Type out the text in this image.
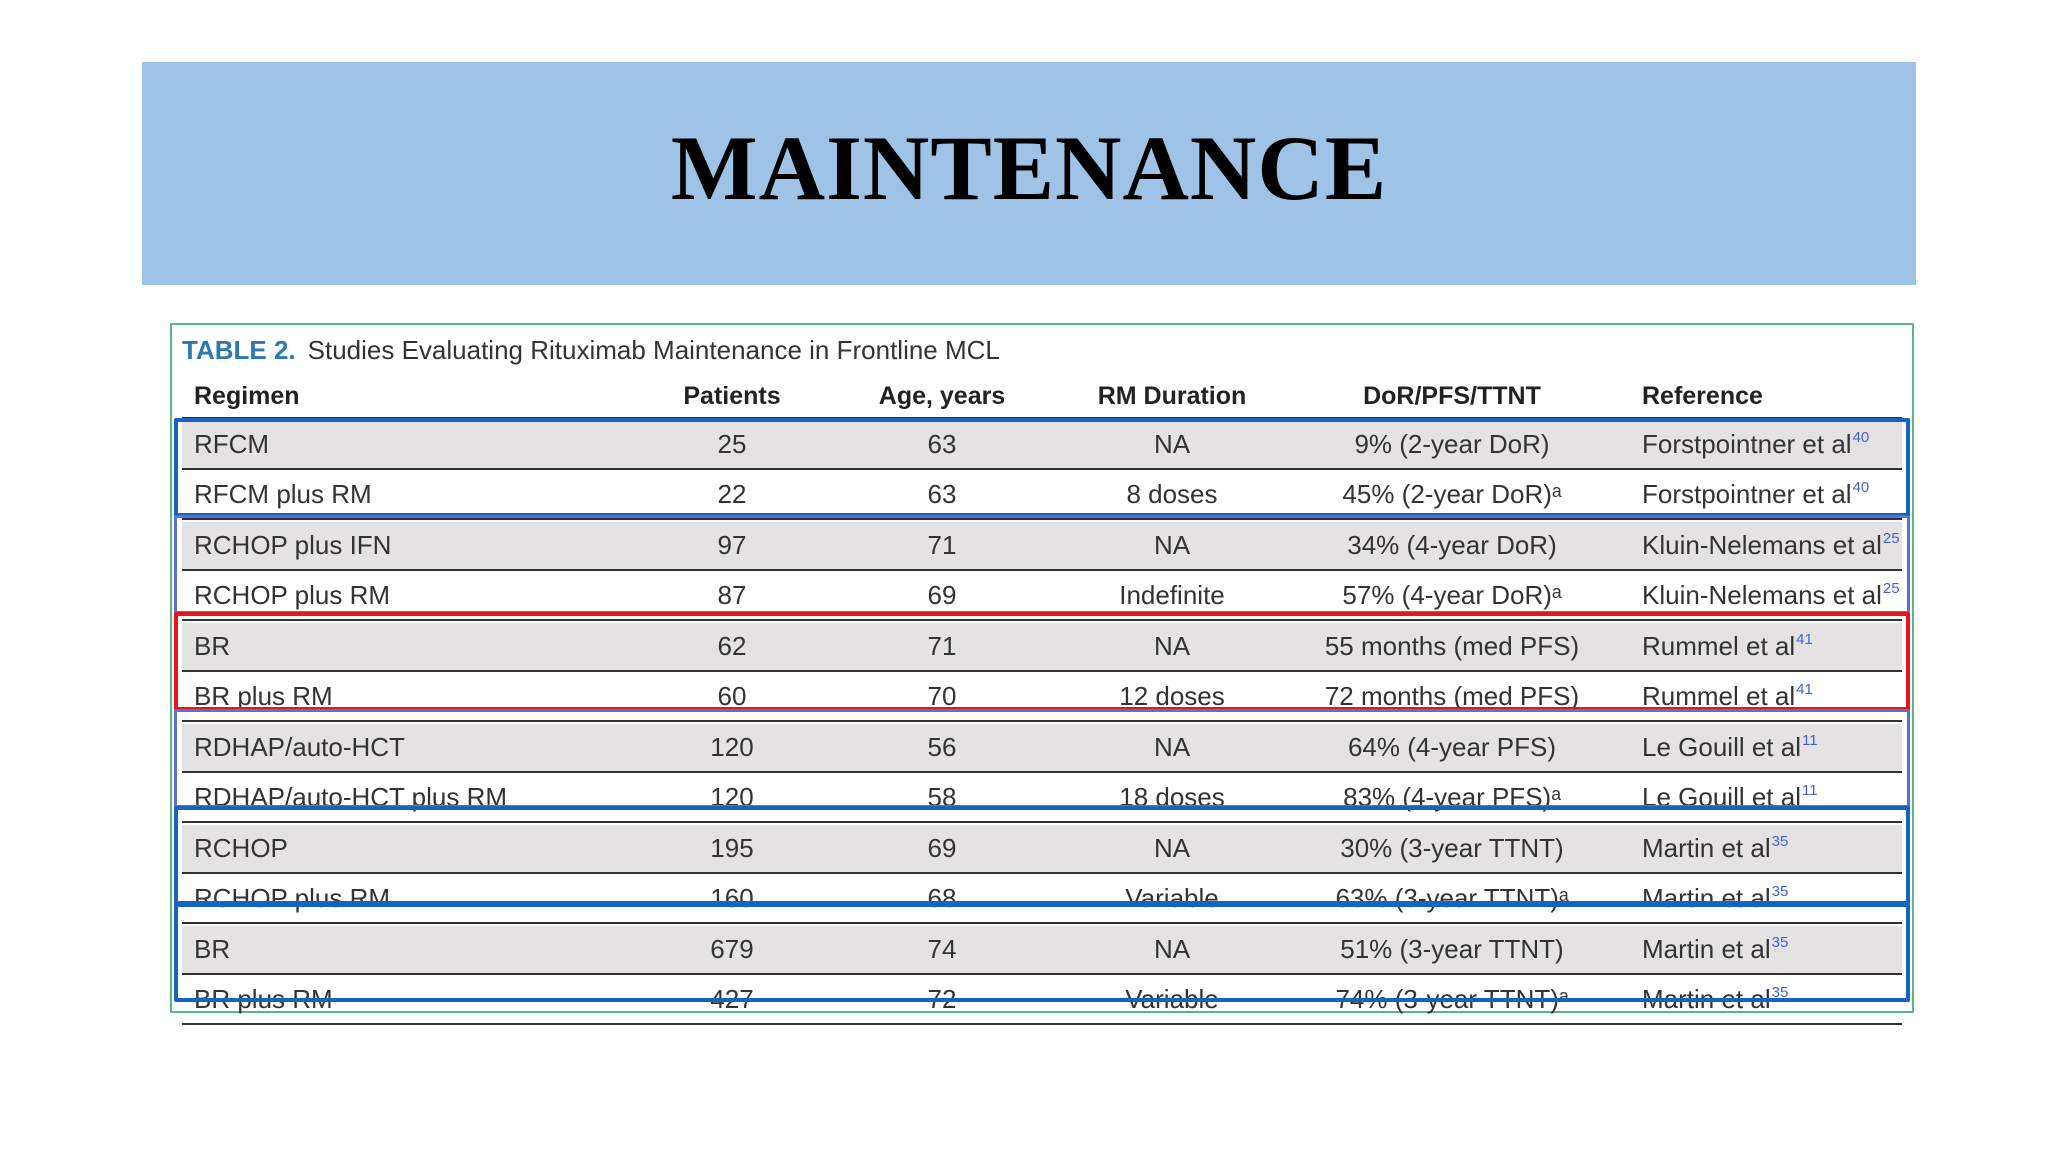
MAINTENANCE
TABLE 2. Studies Evaluating Rituximab Maintenance in Frontline MCL
Regimen	Patients	Age, years	RM Duration	DoR/PFS/TTNT	Reference
RFCM	25	63	NA	9% (2-year DoR)	Forstpointner et $al^{40}$
RFCM plus RM	22	63	8 doses	45% (2-year DoR)ᵃ	Forstpointner et $al^{40}$
RCHOP plus IFN	97	71	NA	34% (4-year DoR)	Kluin-Nelemans et $al^{25}$
RCHOP plus RM	87	69	Indefinite	57% (4-year DoR)ᵃ	Kluin-Nelemans et $al^{25}$
BR	62	71	NA	55 months (med PFS)	Rummel et $al^{41}$
BR plus RM	60	70	12 doses	72 months (med PFS)	Rummel et $al^{41}$
RDHAP/auto-HCT	120	56	NA	64% (4-year PFS)	Le Gouill et $al^{11}$
RDHAP/auto-HCT plus RM	120	58	18 doses	83% (4-year PFS)ᵃ	Le Gouill et $al^{11}$
RCHOP	195	69	NA	30% (3-year TTNT)	Martin et $al^{35}$
RCHOP plus RM	160	68	Variable	63% (3-year TTNT)ᵃ	Martin et $al^{35}$
BR	679	74	NA	51% (3-year TTNT)	Martin et $al^{35}$
BR plus RM	427	72	Variable	74% (3-year TTNT)ᵃ	Martin et $al^{35}$
